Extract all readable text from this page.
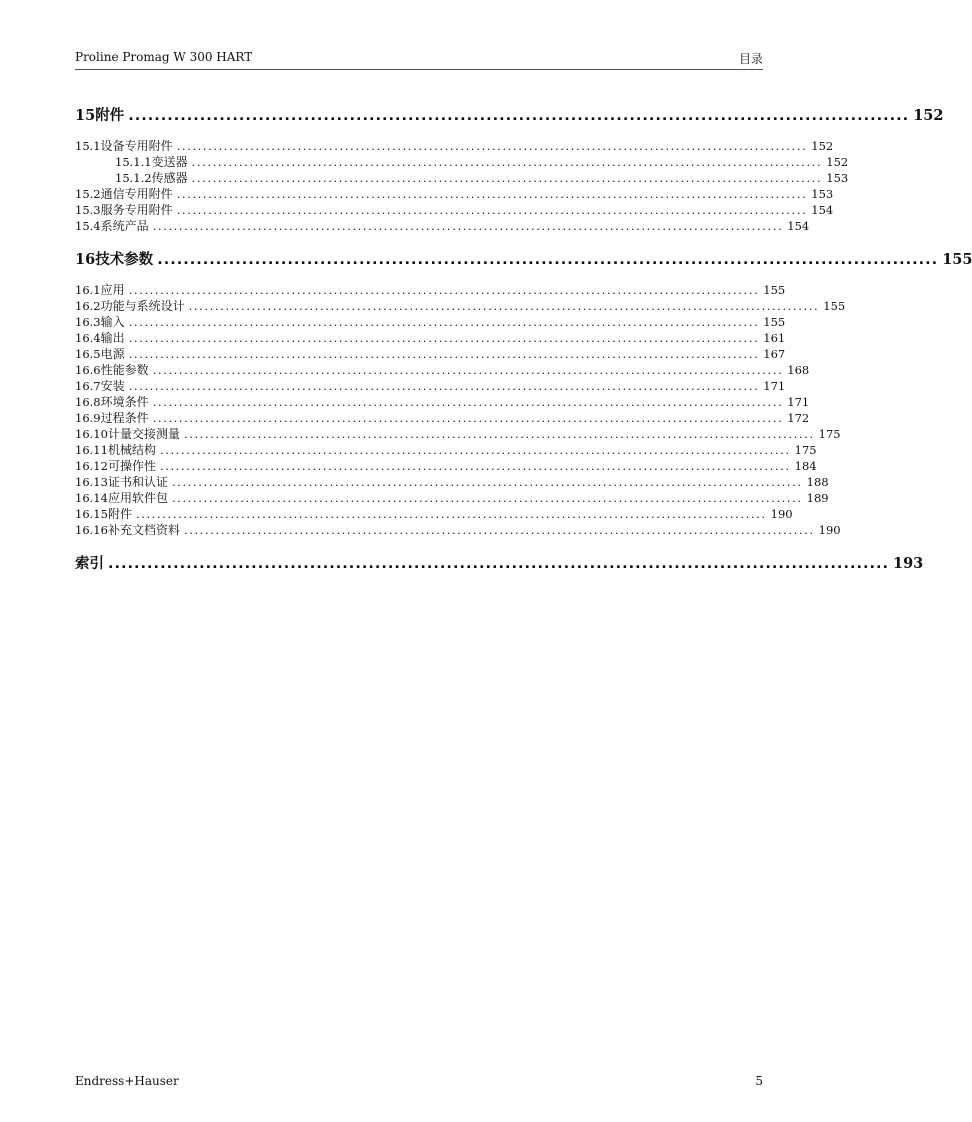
Proline Promag W 300 HART	目录
15 附件 ........................................................................................................................ 152
15.1 设备专用附件 ........................................................................................................................ 152
15.1.1 变送器 ........................................................................................................................ 152
15.1.2 传感器 ........................................................................................................................ 153
15.2 通信专用附件 ........................................................................................................................ 153
15.3 服务专用附件 ........................................................................................................................ 154
15.4 系统产品 ........................................................................................................................ 154
16 技术参数 ........................................................................................................................ 155
16.1 应用 ........................................................................................................................ 155
16.2 功能与系统设计 ........................................................................................................................ 155
16.3 输入 ........................................................................................................................ 155
16.4 输出 ........................................................................................................................ 161
16.5 电源 ........................................................................................................................ 167
16.6 性能参数 ........................................................................................................................ 168
16.7 安装 ........................................................................................................................ 171
16.8 环境条件 ........................................................................................................................ 171
16.9 过程条件 ........................................................................................................................ 172
16.10 计量交接测量 ........................................................................................................................ 175
16.11 机械结构 ........................................................................................................................ 175
16.12 可操作性 ........................................................................................................................ 184
16.13 证书和认证 ........................................................................................................................ 188
16.14 应用软件包 ........................................................................................................................ 189
16.15 附件 ........................................................................................................................ 190
16.16 补充文档资料 ........................................................................................................................ 190
索引 ........................................................................................................................ 193
Endress+Hauser	5
